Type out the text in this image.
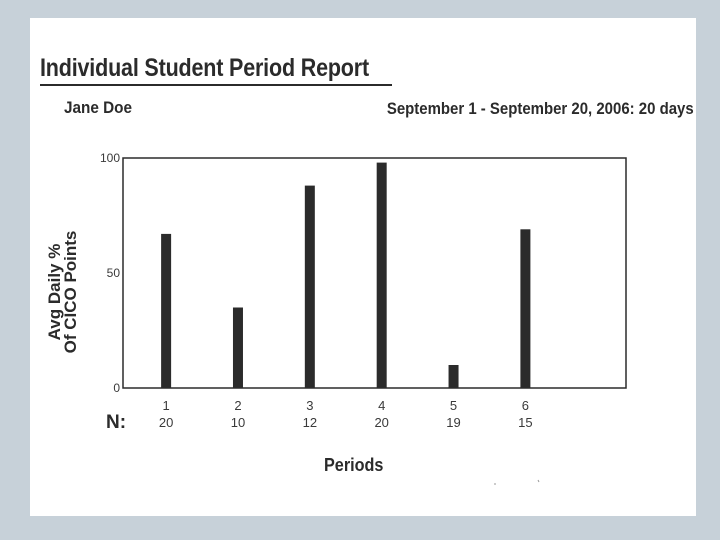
Individual Student Period Report
Jane Doe	September 1 - September 20, 2006: 20 days
Avg Daily %
Of CICO Points
0
50
100
1	2	3	4	5	6
20	10	12	20	19	15
N:
Periods
